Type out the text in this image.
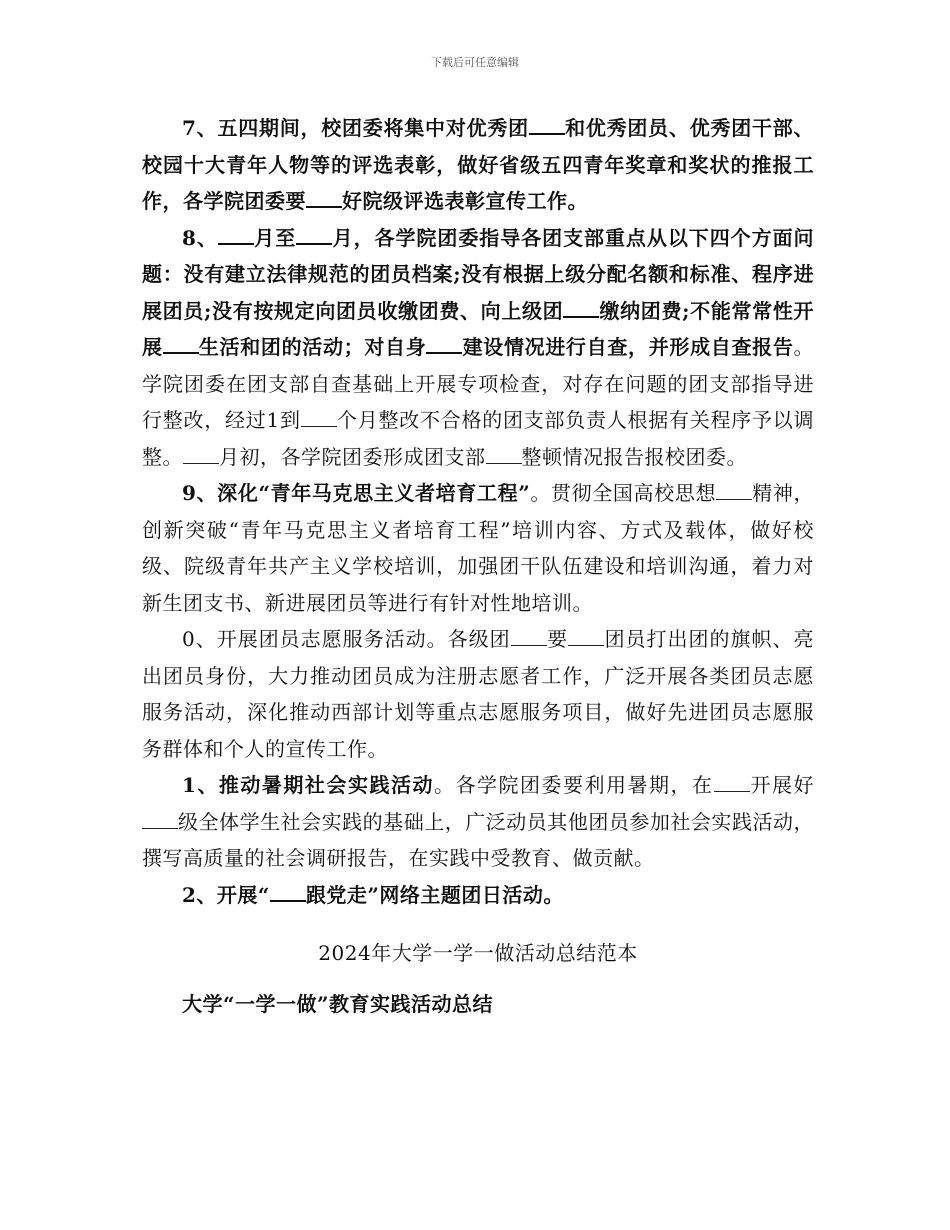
下载后可任意编辑

7、五四期间，校团委将集中对优秀团 和优秀团员、优秀团干部、校园十大青年人物等的评选表彰，做好省级五四青年奖章和奖状的推报工作，各学院团委要 好院级评选表彰宣传工作。

8、 月至 月，各学院团委指导各团支部重点从以下四个方面问题：没有建立法律规范的团员档案;没有根据上级分配名额和标准、程序进展团员;没有按规定向团员收缴团费、向上级团 缴纳团费;不能常常性开展 生活和团的活动；对自身 建设情况进行自查，并形成自查报告。学院团委在团支部自查基础上开展专项检查，对存在问题的团支部指导进行整改，经过1到 个月整改不合格的团支部负责人根据有关程序予以调整。 月初，各学院团委形成团支部 整顿情况报告报校团委。

9、深化“青年马克思主义者培育工程”。贯彻全国高校思想 精神，创新突破“青年马克思主义者培育工程”培训内容、方式及载体，做好校级、院级青年共产主义学校培训，加强团干队伍建设和培训沟通，着力对新生团支书、新进展团员等进行有针对性地培训。

0、开展团员志愿服务活动。各级团 要 团员打出团的旗帜、亮出团员身份，大力推动团员成为注册志愿者工作，广泛开展各类团员志愿服务活动，深化推动西部计划等重点志愿服务项目，做好先进团员志愿服务群体和个人的宣传工作。

1、推动暑期社会实践活动。各学院团委要利用暑期，在 开展好级全体学生社会实践的基础上，广泛动员其他团员参加社会实践活动，撰写高质量的社会调研报告，在实践中受教育、做贡献。

2、开展“ 跟党走”网络主题团日活动。

2024年大学一学一做活动总结范本

大学“一学一做”教育实践活动总结
